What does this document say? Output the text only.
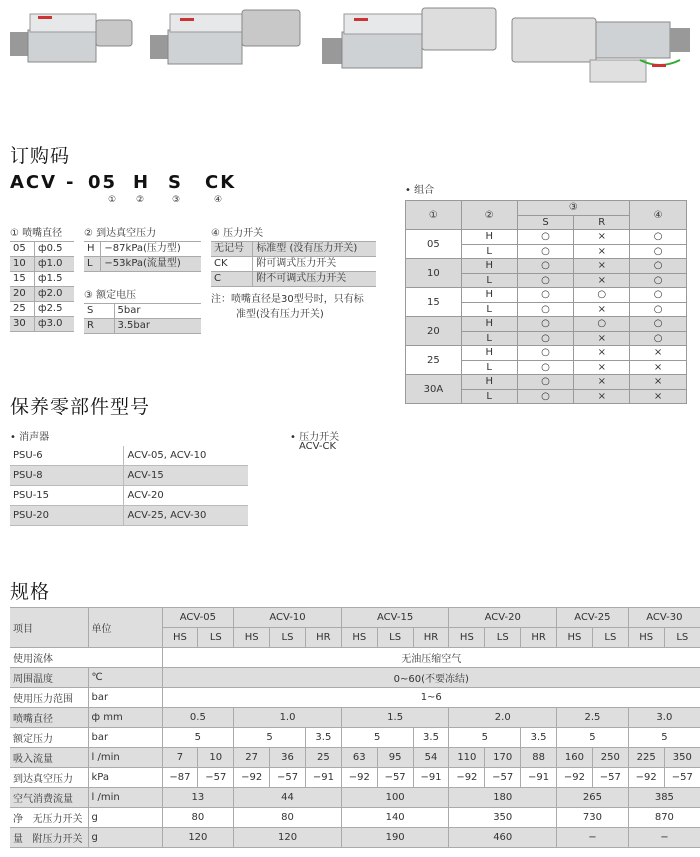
订购码
ACV - 05 H S CK
① ②	③	④
① 喷嘴直径
05	ф0.5
10	ф1.0
15	ф1.5
20	ф2.0
25	ф2.5
30	ф3.0
② 到达真空压力
H	−87kPa(压力型)
L	−53kPa(流量型)
③ 额定电压
S	5bar
R	3.5bar
④ 压力开关
无记号	标准型 (没有压力开关)
CK	附可调式压力开关
C	附不可调式压力开关
注：喷嘴直径是30型号时，只有标
准型(没有压力开关)
• 组合
①	②	③		④
		S	R	
05	H	○	×	○
	L	○	×	○
10	H	○	×	○
	L	○	×	○
15	H	○	○	○
	L	○	×	○
20	H	○	○	○
	L	○	×	○
25	H	○	×	×
	L	○	×	×
30A	H	○	×	×
	L	○	×	×
保养零部件型号
• 消声器
PSU-6	ACV-05, ACV-10
PSU-8	ACV-15
PSU-15	ACV-20
PSU-20	ACV-25, ACV-30
• 压力开关
ACV-CK
规格
项目	单位	ACV-05		ACV-10			ACV-15			ACV-20			ACV-25		ACV-30	
		HS	LS	HS	LS	HR	HS	LS	HR	HS	LS	HR	HS	LS	HS	LS
使用流体		无油压缩空气														
周围温度	℃	0~60(不要冻结)														
使用压力范围	bar	1~6														
喷嘴直径	ф mm	0.5		1.0			1.5			2.0			2.5		3.0	
额定压力	bar	5		5		3.5	5		3.5	5		3.5	5		5	
吸入流量	l /min	7	10	27	36	25	63	95	54	110	170	88	160	250	225	350
到达真空压力	kPa	−87	−57	−92	−57	−91	−92	−57	−91	−92	−57	−91	−92	−57	−92	−57
空气消费流量	l /min	13		44			100			180			265		385	
净 无压力开关	g	80		80			140			350			730		870	
量 附压力开关	g	120		120			190			460			−		−	
